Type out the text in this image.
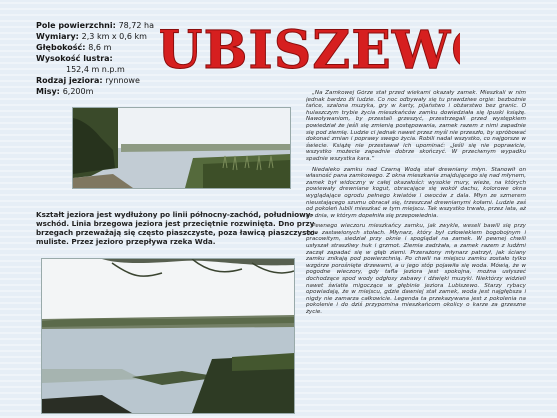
Pole powierzchni: 78,72 ha
Wymiary: 2,3 km x 0,6 km
Głębokość: 8,6 m
Wysokość lustra:
152,4 m n.p.m
Rodzaj jeziora: rynnowe
Misy: 6,200m
UBISZEW
Kształt jeziora jest wydłużony po linii północny-zachód, południowy-wschód. Linia brzegowa jeziora jest przeciętnie rozwinięta. Dno przy brzegach przeważają się często piaszczyste, poza ławicą piaszczysto-muliste. Przez jezioro przepływa rzeka Wda.

„Na Zamkowej Górze stał przed wiekami okazały zamek. Mieszkali w nim jednak bardzo źli ludzie. Co noc odbywały się tu prawdziwe orgie: bezbożnie tańce, szalona muzyka, gry w karty, pijaństwo i obżarstwo bez granic. O hulaszczym trybie życia mieszkańców zamku dowiedziała się Ipuski książę. Nawoływaniom, by przestali grzeszyć, przestrzegali przed występkiem powiedział że jeśli się zmienią postępowania, zamek razem z nimi zapadnie się pod ziemię. Ludzie ci jednak nawet przez myśl nie przeszło, by spróbować dokonać zmian i poprawy swego życia. Robili nadal wszystko, co najgorsze w świecie. Książę nie przestawał ich upominać: „Jeśli się nie poprawicie, wszystko możecie zapadnie dobrze skończyć. W przeciwnym wypadku spadnie wszystka kara.”

Niedaleko zamku nad Czarną Wodą stał drewniany młyn. Stanowił on własność pana zamkowego. Z okna mieszkania znajdującego się nad młynem, zamek był widoczny w całej okazałości: wysokie mury, wieże, na których powiewały drewniane kogut, obracające się wokół dachu, kolorowe okna wyglądające ogrodu pełnego kwiatów i owoców z dala. Młyn ze szmerem nieustającego szumu obracał się, trzeszczał drewnianymi kołami. Ludzie zaś od pokoleń lubili mieszkać w tym miejscu. Tak wszystko trwało, przez lata, aż do dnia, w którym dopełniła się przepowiednia.

Pewnego wieczoru mieszkańcy zamku, jak zwykle, weseli bawili się przy suto zastawionych stołach. Młynarz, który był człowiekiem bogobojnym i pracowitym, siedział przy oknie i spoglądał na zamek. W pewnej chwili usłyszał straszliwy huk i grzmot. Ziemia zadrżała, a zamek razem z ludźmi zaczął zapadać się w głąb ziemi. Przerażony młynarz patrzył, jak ściany zamku znikają pod powierzchnią. Po chwili na miejscu zamku zostało tylko wzgórze porośnięte drzewami, a u jego stóp pojawiła się woda. Mówią, że w pogodne wieczory, gdy tafla jeziora jest spokojna, można usłyszeć dochodzące spod wody odgłosy zabawy i dźwięki muzyki. Niektórzy widzieli nawet światła migoczące w głębinie jeziora Lubiszewo. Starzy rybacy opowiadają, że w miejscu, gdzie dawniej stał zamek, woda jest najgłębsza i nigdy nie zamarza całkowicie. Legenda ta przekazywana jest z pokolenia na pokolenie i do dziś przypomina mieszkańcom okolicy o karze za grzeszne życie.
